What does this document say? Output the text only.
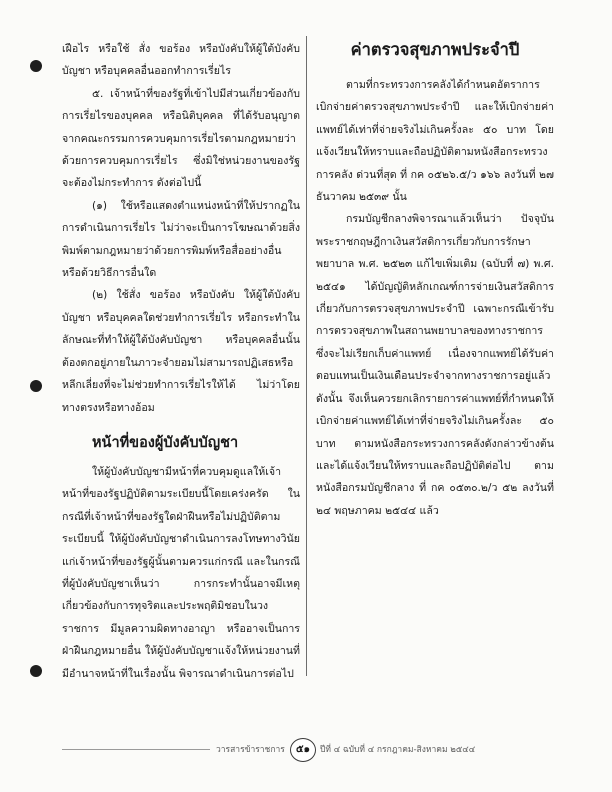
เฝือไร หรือใช้ สั่ง ขอร้อง หรือบังคับให้ผู้ใต้บังคับบัญชา หรือบุคคลอื่นออกทำการเรี่ยไร

๕. เจ้าหน้าที่ของรัฐที่เข้าไปมีส่วนเกี่ยวข้องกับการเรี่ยไรของบุคคล หรือนิติบุคคล ที่ได้รับอนุญาตจากคณะกรรมการควบคุมการเรี่ยไรตามกฎหมายว่าด้วยการควบคุมการเรี่ยไร ซึ่งมิใช่หน่วยงานของรัฐ จะต้องไม่กระทำการ ดังต่อไปนี้

(๑) ใช้หรือแสดงตำแหน่งหน้าที่ให้ปรากฏในการดำเนินการเรี่ยไร ไม่ว่าจะเป็นการโฆษณาด้วยสิ่งพิมพ์ตามกฎหมายว่าด้วยการพิมพ์หรือสื่ออย่างอื่น หรือด้วยวิธีการอื่นใด

(๒) ใช้สั่ง ขอร้อง หรือบังคับ ให้ผู้ใต้บังคับบัญชา หรือบุคคลใดช่วยทำการเรี่ยไร หรือกระทำในลักษณะที่ทำให้ผู้ใต้บังคับบัญชา หรือบุคคลอื่นนั้น ต้องตกอยู่ภายในภาวะจำยอมไม่สามารถปฏิเสธหรือหลีกเลี่ยงที่จะไม่ช่วยทำการเรี่ยไรให้ได้ ไม่ว่าโดยทางตรงหรือทางอ้อม

หน้าที่ของผู้บังคับบัญชา

ให้ผู้บังคับบัญชามีหน้าที่ควบคุมดูแลให้เจ้าหน้าที่ของรัฐปฏิบัติตามระเบียบนี้โดยเคร่งครัด ในกรณีที่เจ้าหน้าที่ของรัฐใดฝ่าฝืนหรือไม่ปฏิบัติตามระเบียบนี้ ให้ผู้บังคับบัญชาดำเนินการลงโทษทางวินัยแก่เจ้าหน้าที่ของรัฐผู้นั้นตามควรแก่กรณี และในกรณีที่ผู้บังคับบัญชาเห็นว่า การกระทำนั้นอาจมีเหตุเกี่ยวข้องกับการทุจริตและประพฤติมิชอบในวงราชการ มีมูลความผิดทางอาญา หรืออาจเป็นการฝ่าฝืนกฎหมายอื่น ให้ผู้บังคับบัญชาแจ้งให้หน่วยงานที่มีอำนาจหน้าที่ในเรื่องนั้น พิจารณาดำเนินการต่อไป

ค่าตรวจสุขภาพประจำปี

ตามที่กระทรวงการคลังได้กำหนดอัตราการเบิกจ่ายค่าตรวจสุขภาพประจำปี และให้เบิกจ่ายค่าแพทย์ได้เท่าที่จ่ายจริงไม่เกินครั้งละ ๕๐ บาท โดยแจ้งเวียนให้ทราบและถือปฏิบัติตามหนังสือกระทรวงการคลัง ด่วนที่สุด ที่ กค ๐๕๒๖.๕/ว ๑๖๖ ลงวันที่ ๒๗ ธันวาคม ๒๕๓๙ นั้น

กรมบัญชีกลางพิจารณาแล้วเห็นว่า ปัจจุบันพระราชกฤษฎีกาเงินสวัสดิการเกี่ยวกับการรักษาพยาบาล พ.ศ. ๒๕๒๓ แก้ไขเพิ่มเติม (ฉบับที่ ๗) พ.ศ. ๒๕๔๑ ได้บัญญัติหลักเกณฑ์การจ่ายเงินสวัสดิการเกี่ยวกับการตรวจสุขภาพประจำปี เฉพาะกรณีเข้ารับการตรวจสุขภาพในสถานพยาบาลของทางราชการ ซึ่งจะไม่เรียกเก็บค่าแพทย์ เนื่องจากแพทย์ได้รับค่าตอบแทนเป็นเงินเดือนประจำจากทางราชการอยู่แล้ว ดังนั้น จึงเห็นควรยกเลิกรายการค่าแพทย์ที่กำหนดให้เบิกจ่ายค่าแพทย์ได้เท่าที่จ่ายจริงไม่เกินครั้งละ ๕๐ บาท ตามหนังสือกระทรวงการคลังดังกล่าวข้างต้น และได้แจ้งเวียนให้ทราบและถือปฏิบัติต่อไป ตามหนังสือกรมบัญชีกลาง ที่ กค ๐๕๓๐.๒/ว ๕๒ ลงวันที่ ๒๔ พฤษภาคม ๒๕๔๔ แล้ว

วารสารข้าราชการ	๕๑	ปีที่ ๔ ฉบับที่ ๔ กรกฎาคม-สิงหาคม ๒๕๔๔
